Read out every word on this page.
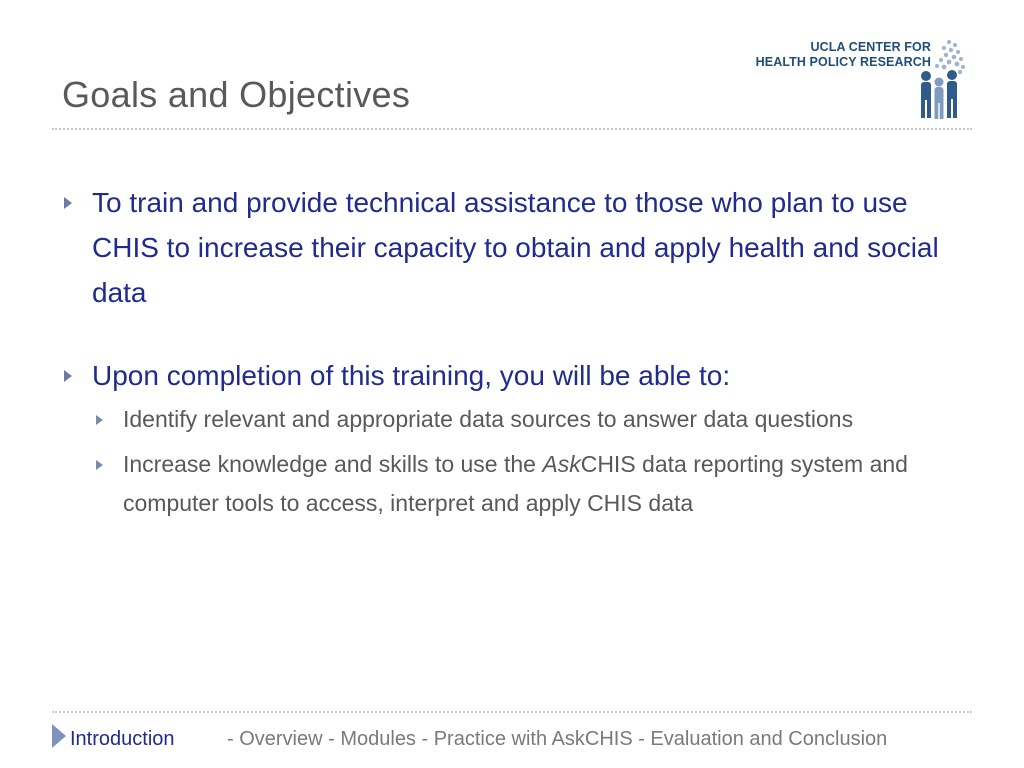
Goals and Objectives
UCLA CENTER FOR
HEALTH POLICY RESEARCH
To train and provide technical assistance to those who plan to use CHIS to increase their capacity to obtain and apply health and social data
Upon completion of this training, you will be able to:
Identify relevant and appropriate data sources to answer data questions
Increase knowledge and skills to use the AskCHIS data reporting system and computer tools to access, interpret and apply CHIS data
Introduction	- Overview - Modules - Practice with AskCHIS - Evaluation and Conclusion
